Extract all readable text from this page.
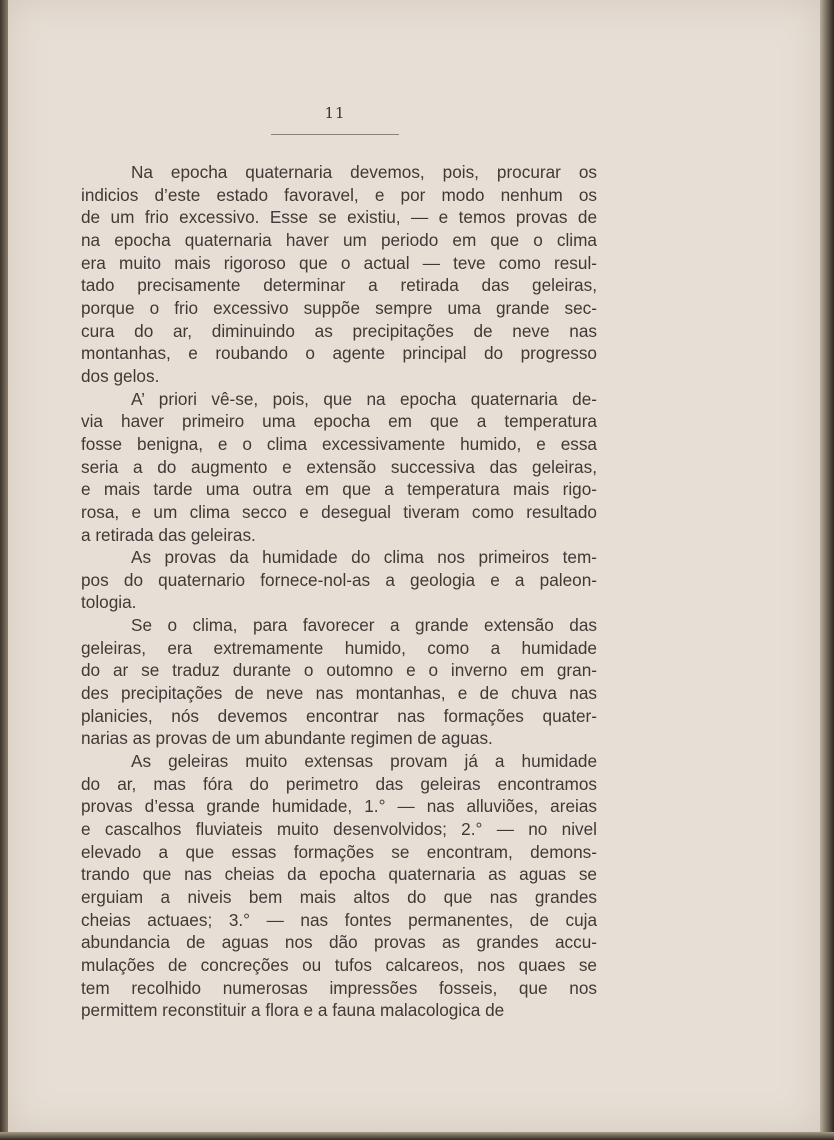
11

Na epocha quaternaria devemos, pois, procurar os
indicios d’este estado favoravel, e por modo nenhum os
de um frio excessivo. Esse se existiu, — e temos provas de
na epocha quaternaria haver um periodo em que o clima
era muito mais rigoroso que o actual — teve como resul-
tado precisamente determinar a retirada das geleiras,
porque o frio excessivo suppõe sempre uma grande sec-
cura do ar, diminuindo as precipitações de neve nas
montanhas, e roubando o agente principal do progresso
dos gelos.

A’ priori vê-se, pois, que na epocha quaternaria de-
via haver primeiro uma epocha em que a temperatura
fosse benigna, e o clima excessivamente humido, e essa
seria a do augmento e extensão successiva das geleiras,
e mais tarde uma outra em que a temperatura mais rigo-
rosa, e um clima secco e desegual tiveram como resultado
a retirada das geleiras.

As provas da humidade do clima nos primeiros tem-
pos do quaternario fornece-nol-as a geologia e a paleon-
tologia.

Se o clima, para favorecer a grande extensão das
geleiras, era extremamente humido, como a humidade
do ar se traduz durante o outomno e o inverno em gran-
des precipitações de neve nas montanhas, e de chuva nas
planicies, nós devemos encontrar nas formações quater-
narias as provas de um abundante regimen de aguas.

As geleiras muito extensas provam já a humidade
do ar, mas fóra do perimetro das geleiras encontramos
provas d’essa grande humidade, 1.° — nas alluviões, areias
e cascalhos fluviateis muito desenvolvidos; 2.° — no nivel
elevado a que essas formações se encontram, demons-
trando que nas cheias da epocha quaternaria as aguas se
erguiam a niveis bem mais altos do que nas grandes
cheias actuaes; 3.° — nas fontes permanentes, de cuja
abundancia de aguas nos dão provas as grandes accu-
mulações de concreções ou tufos calcareos, nos quaes se
tem recolhido numerosas impressões fosseis, que nos
permittem reconstituir a flora e a fauna malacologica de
